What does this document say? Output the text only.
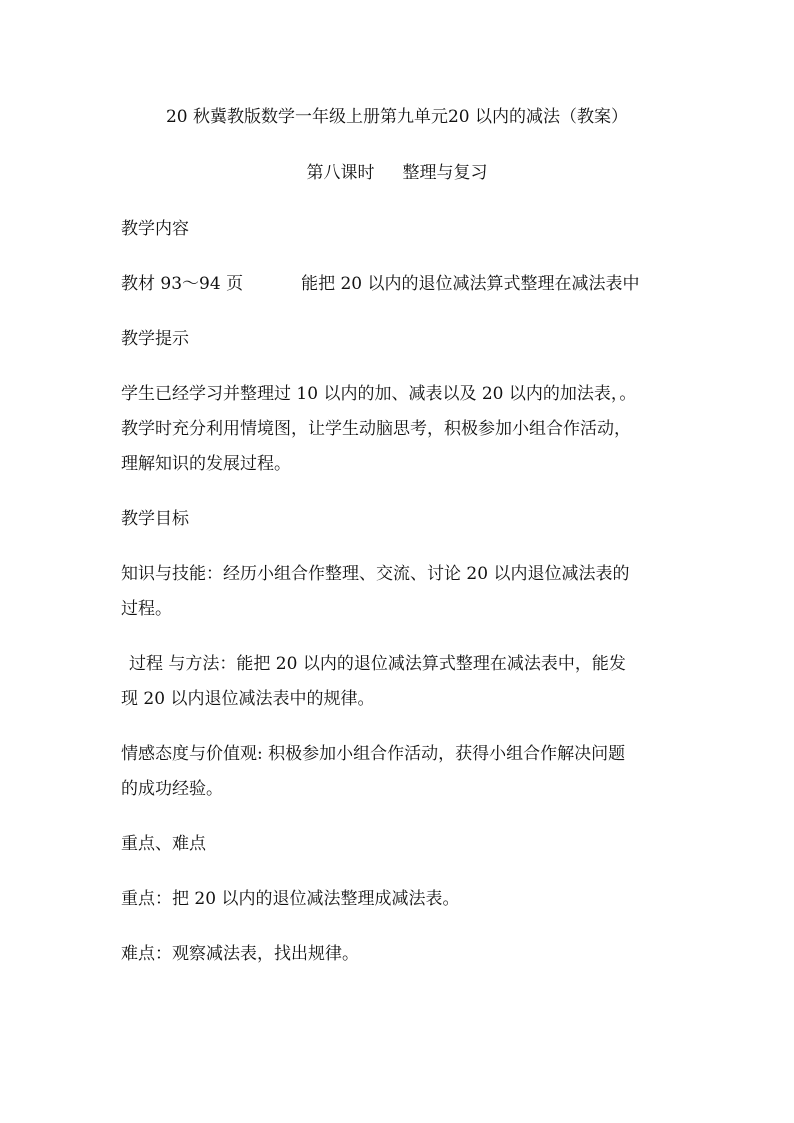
20 秋冀教版数学一年级上册第九单元20 以内的减法（教案）
第八课时 整理与复习

教学内容

教材 93～94 页	能把 20 以内的退位减法算式整理在减法表中

教学提示

学生已经学习并整理过 10 以内的加、减表以及 20 以内的加法表，。

教学时充分利用情境图，让学生动脑思考，积极参加小组合作活动，

理解知识的发展过程。

教学目标

知识与技能：经历小组合作整理、交流、讨论 20 以内退位减法表的

过程。

过程 与方法：能把 20 以内的退位减法算式整理在减法表中，能发

现 20 以内退位减法表中的规律。

情感态度与价值观: 积极参加小组合作活动，获得小组合作解决问题

的成功经验。

重点、难点

重点：把 20 以内的退位减法整理成减法表。

难点：观察减法表，找出规律。
